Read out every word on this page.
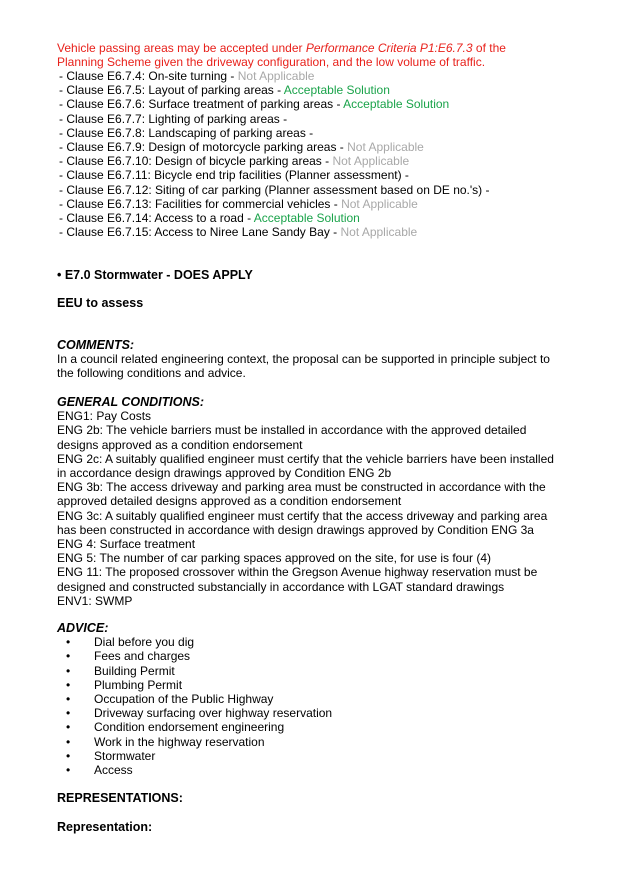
Vehicle passing areas may be accepted under Performance Criteria P1:E6.7.3 of the
Planning Scheme given the driveway configuration, and the low volume of traffic.
- Clause E6.7.4: On-site turning - Not Applicable
- Clause E6.7.5: Layout of parking areas - Acceptable Solution
- Clause E6.7.6: Surface treatment of parking areas - Acceptable Solution
- Clause E6.7.7: Lighting of parking areas -
- Clause E6.7.8: Landscaping of parking areas -
- Clause E6.7.9: Design of motorcycle parking areas - Not Applicable
- Clause E6.7.10: Design of bicycle parking areas - Not Applicable
- Clause E6.7.11: Bicycle end trip facilities (Planner assessment) -
- Clause E6.7.12: Siting of car parking (Planner assessment based on DE no.'s) -
- Clause E6.7.13: Facilities for commercial vehicles - Not Applicable
- Clause E6.7.14: Access to a road - Acceptable Solution
- Clause E6.7.15: Access to Niree Lane Sandy Bay - Not Applicable
• E7.0 Stormwater - DOES APPLY
EEU to assess
COMMENTS:
In a council related engineering context, the proposal can be supported in principle subject to
the following conditions and advice.
GENERAL CONDITIONS:
ENG1: Pay Costs
ENG 2b: The vehicle barriers must be installed in accordance with the approved detailed
designs approved as a condition endorsement
ENG 2c: A suitably qualified engineer must certify that the vehicle barriers have been installed
in accordance design drawings approved by Condition ENG 2b
ENG 3b: The access driveway and parking area must be constructed in accordance with the
approved detailed designs approved as a condition endorsement
ENG 3c: A suitably qualified engineer must certify that the access driveway and parking area
has been constructed in accordance with design drawings approved by Condition ENG 3a
ENG 4: Surface treatment
ENG 5: The number of car parking spaces approved on the site, for use is four (4)
ENG 11: The proposed crossover within the Gregson Avenue highway reservation must be
designed and constructed substancially in accordance with LGAT standard drawings
ENV1: SWMP
ADVICE:
• Dial before you dig
• Fees and charges
• Building Permit
• Plumbing Permit
• Occupation of the Public Highway
• Driveway surfacing over highway reservation
• Condition endorsement engineering
• Work in the highway reservation
• Stormwater
• Access
REPRESENTATIONS:
Representation:
